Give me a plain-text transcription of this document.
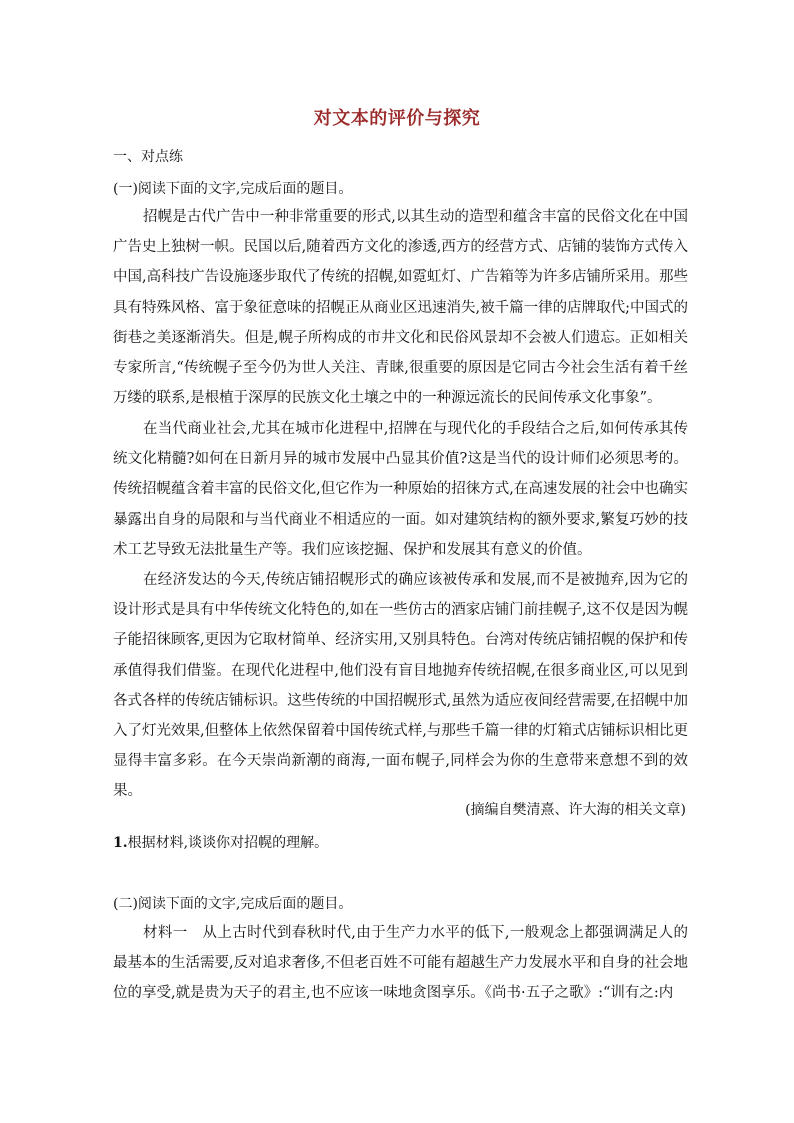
对文本的评价与探究
一、对点练
(一)阅读下面的文字,完成后面的题目。

招幌是古代广告中一种非常重要的形式,以其生动的造型和蕴含丰富的民俗文化在中国广告史上独树一帜。民国以后,随着西方文化的渗透,西方的经营方式、店铺的装饰方式传入中国,高科技广告设施逐步取代了传统的招幌,如霓虹灯、广告箱等为许多店铺所采用。那些具有特殊风格、富于象征意味的招幌正从商业区迅速消失,被千篇一律的店牌取代;中国式的街巷之美逐渐消失。但是,幌子所构成的市井文化和民俗风景却不会被人们遗忘。正如相关专家所言,“传统幌子至今仍为世人关注、青睐,很重要的原因是它同古今社会生活有着千丝万缕的联系,是根植于深厚的民族文化土壤之中的一种源远流长的民间传承文化事象”。

在当代商业社会,尤其在城市化进程中,招牌在与现代化的手段结合之后,如何传承其传统文化精髓?如何在日新月异的城市发展中凸显其价值?这是当代的设计师们必须思考的。传统招幌蕴含着丰富的民俗文化,但它作为一种原始的招徕方式,在高速发展的社会中也确实暴露出自身的局限和与当代商业不相适应的一面。如对建筑结构的额外要求,繁复巧妙的技术工艺导致无法批量生产等。我们应该挖掘、保护和发展其有意义的价值。

在经济发达的今天,传统店铺招幌形式的确应该被传承和发展,而不是被抛弃,因为它的设计形式是具有中华传统文化特色的,如在一些仿古的酒家店铺门前挂幌子,这不仅是因为幌子能招徕顾客,更因为它取材简单、经济实用,又别具特色。台湾对传统店铺招幌的保护和传承值得我们借鉴。在现代化进程中,他们没有盲目地抛弃传统招幌,在很多商业区,可以见到各式各样的传统店铺标识。这些传统的中国招幌形式,虽然为适应夜间经营需要,在招幌中加入了灯光效果,但整体上依然保留着中国传统式样,与那些千篇一律的灯箱式店铺标识相比更显得丰富多彩。在今天崇尚新潮的商海,一面布幌子,同样会为你的生意带来意想不到的效果。

(摘编自樊清熹、许大海的相关文章)
1.根据材料,谈谈你对招幌的理解。
(二)阅读下面的文字,完成后面的题目。

材料一　从上古时代到春秋时代,由于生产力水平的低下,一般观念上都强调满足人的最基本的生活需要,反对追求奢侈,不但老百姓不可能有超越生产力发展水平和自身的社会地位的享受,就是贵为天子的君主,也不应该一味地贪图享乐。《尚书·五子之歌》:“训有之:内
